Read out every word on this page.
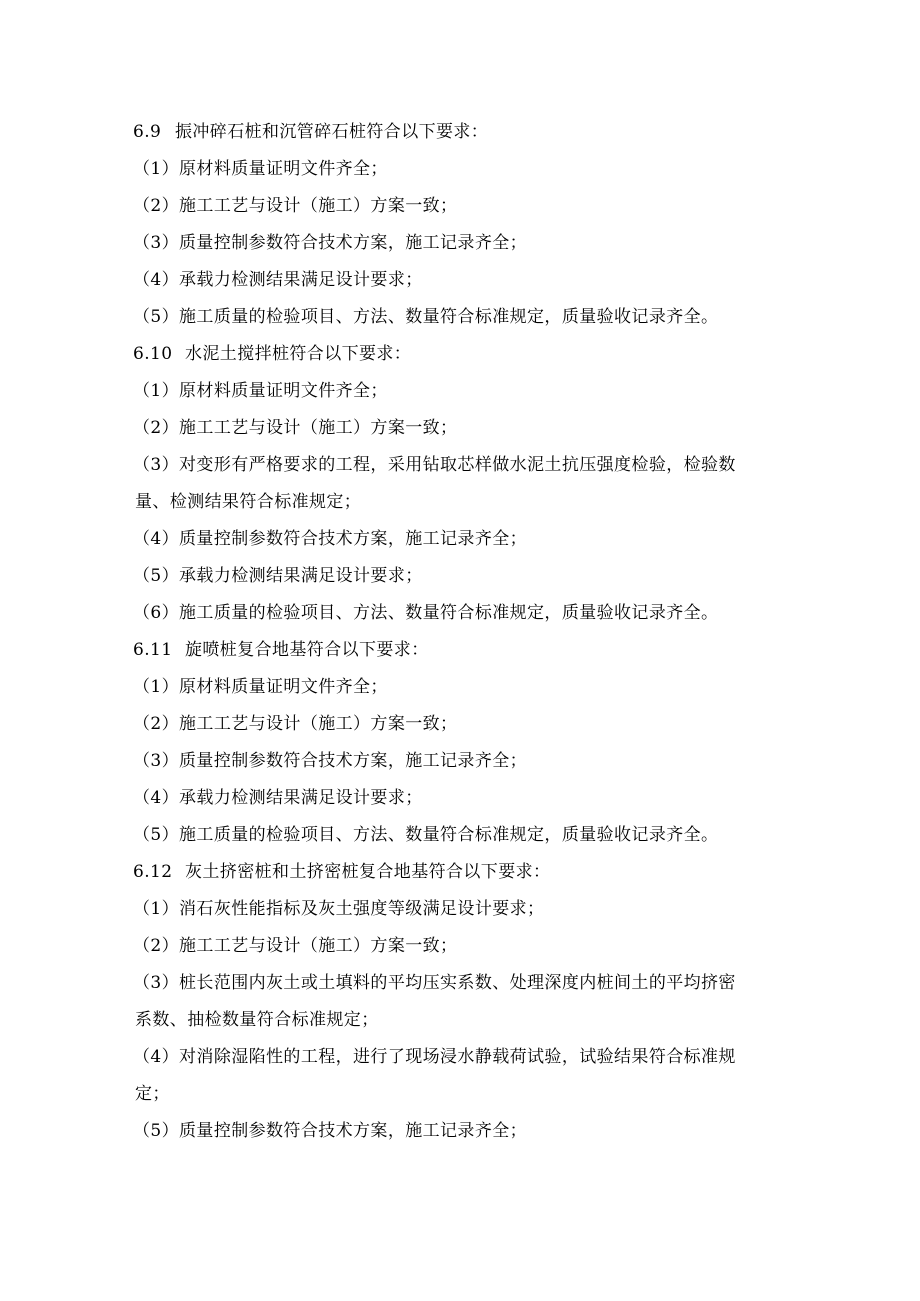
6.9 振冲碎石桩和沉管碎石桩符合以下要求：
（1）原材料质量证明文件齐全；
（2）施工工艺与设计（施工）方案一致；
（3）质量控制参数符合技术方案，施工记录齐全；
（4）承载力检测结果满足设计要求；
（5）施工质量的检验项目、方法、数量符合标准规定，质量验收记录齐全。
6.10 水泥土搅拌桩符合以下要求：
（1）原材料质量证明文件齐全；
（2）施工工艺与设计（施工）方案一致；
（3）对变形有严格要求的工程，采用钻取芯样做水泥土抗压强度检验，检验数
量、检测结果符合标准规定；
（4）质量控制参数符合技术方案，施工记录齐全；
（5）承载力检测结果满足设计要求；
（6）施工质量的检验项目、方法、数量符合标准规定，质量验收记录齐全。
6.11 旋喷桩复合地基符合以下要求：
（1）原材料质量证明文件齐全；
（2）施工工艺与设计（施工）方案一致；
（3）质量控制参数符合技术方案，施工记录齐全；
（4）承载力检测结果满足设计要求；
（5）施工质量的检验项目、方法、数量符合标准规定，质量验收记录齐全。
6.12 灰土挤密桩和土挤密桩复合地基符合以下要求：
（1）消石灰性能指标及灰土强度等级满足设计要求；
（2）施工工艺与设计（施工）方案一致；
（3）桩长范围内灰土或土填料的平均压实系数、处理深度内桩间土的平均挤密
系数、抽检数量符合标准规定；
（4）对消除湿陷性的工程，进行了现场浸水静载荷试验，试验结果符合标准规
定；
（5）质量控制参数符合技术方案，施工记录齐全；
